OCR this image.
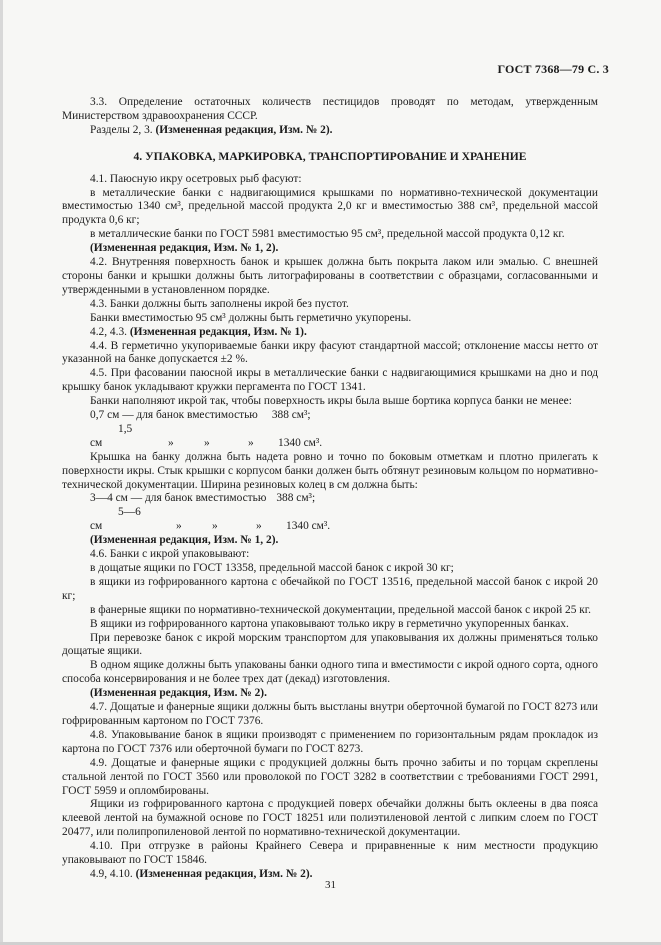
ГОСТ 7368—79 С. 3

3.3. Определение остаточных количеств пестицидов проводят по методам, утвержденным Министерством здравоохранения СССР.

Разделы 2, 3. (Измененная редакция, Изм. № 2).

4. УПАКОВКА, МАРКИРОВКА, ТРАНСПОРТИРОВАНИЕ И ХРАНЕНИЕ

4.1. Паюсную икру осетровых рыб фасуют:

в металлические банки с надвигающимися крышками по нормативно-технической документации вместимостью 1340 см³, предельной массой продукта 2,0 кг и вместимостью 388 см³, предельной массой продукта 0,6 кг;

в металлические банки по ГОСТ 5981 вместимостью 95 см³, предельной массой продукта 0,12 кг.

(Измененная редакция, Изм. № 1, 2).

4.2. Внутренняя поверхность банок и крышек должна быть покрыта лаком или эмалью. С внешней стороны банки и крышки должны быть литографированы в соответствии с образцами, согласованными и утвержденными в установленном порядке.

4.3. Банки должны быть заполнены икрой без пустот.

Банки вместимостью 95 см³ должны быть герметично укупорены.

4.2, 4.3. (Измененная редакция, Изм. № 1).

4.4. В герметично укупориваемые банки икру фасуют стандартной массой; отклонение массы нетто от указанной на банке допускается ±2 %.

4.5. При фасовании паюсной икры в металлические банки с надвигающимися крышками на дно и под крышку банок укладывают кружки пергамента по ГОСТ 1341.

Банки наполняют икрой так, чтобы поверхность икры была выше бортика корпуса банки не менее:

0,7 см — для банок вместимостью 388 см³;

1,5 см	»	»	» 1340 см³.

Крышка на банку должна быть надета ровно и точно по боковым отметкам и плотно прилегать к поверхности икры. Стык крышки с корпусом банки должен быть обтянут резиновым кольцом по нормативно-технической документации. Ширина резиновых колец в см должна быть:

3—4 см — для банок вместимостью 388 см³;

5—6 см	»	»	» 1340 см³.

(Измененная редакция, Изм. № 1, 2).

4.6. Банки с икрой упаковывают:

в дощатые ящики по ГОСТ 13358, предельной массой банок с икрой 30 кг;

в ящики из гофрированного картона с обечайкой по ГОСТ 13516, предельной массой банок с икрой 20 кг;

в фанерные ящики по нормативно-технической документации, предельной массой банок с икрой 25 кг.

В ящики из гофрированного картона упаковывают только икру в герметично укупоренных банках.

При перевозке банок с икрой морским транспортом для упаковывания их должны применяться только дощатые ящики.

В одном ящике должны быть упакованы банки одного типа и вместимости с икрой одного сорта, одного способа консервирования и не более трех дат (декад) изготовления.

(Измененная редакция, Изм. № 2).

4.7. Дощатые и фанерные ящики должны быть выстланы внутри оберточной бумагой по ГОСТ 8273 или гофрированным картоном по ГОСТ 7376.

4.8. Упаковывание банок в ящики производят с применением по горизонтальным рядам прокладок из картона по ГОСТ 7376 или оберточной бумаги по ГОСТ 8273.

4.9. Дощатые и фанерные ящики с продукцией должны быть прочно забиты и по торцам скреплены стальной лентой по ГОСТ 3560 или проволокой по ГОСТ 3282 в соответствии с требованиями ГОСТ 2991, ГОСТ 5959 и опломбированы.

Ящики из гофрированного картона с продукцией поверх обечайки должны быть оклеены в два пояса клеевой лентой на бумажной основе по ГОСТ 18251 или полиэтиленовой лентой с липким слоем по ГОСТ 20477, или полипропиленовой лентой по нормативно-технической документации.

4.10. При отгрузке в районы Крайнего Севера и приравненные к ним местности продукцию упаковывают по ГОСТ 15846.

4.9, 4.10. (Измененная редакция, Изм. № 2).

31
